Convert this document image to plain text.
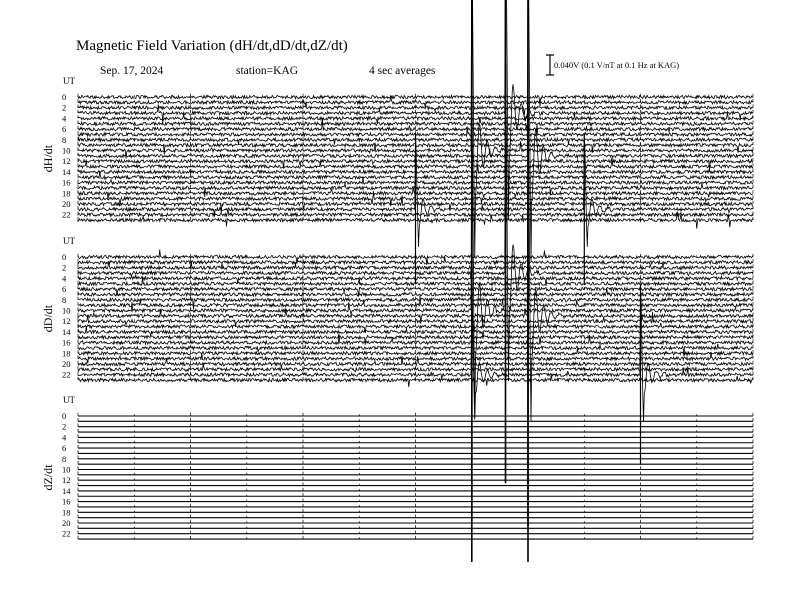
UT
dH/dt
0
2
4
6
8
10
12
14
16
18
20
22
UT
dD/dt
0
2
4
6
8
10
12
14
16
18
20
22
UT
dZ/dt
0
2
4
6
8
10
12
14
16
18
20
22
Magnetic Field Variation (dH/dt,dD/dt,dZ/dt)
Sep. 17, 2024	station=KAG	4 sec averages	0.040V (0.1 V/nT at 0.1 Hz at KAG)
